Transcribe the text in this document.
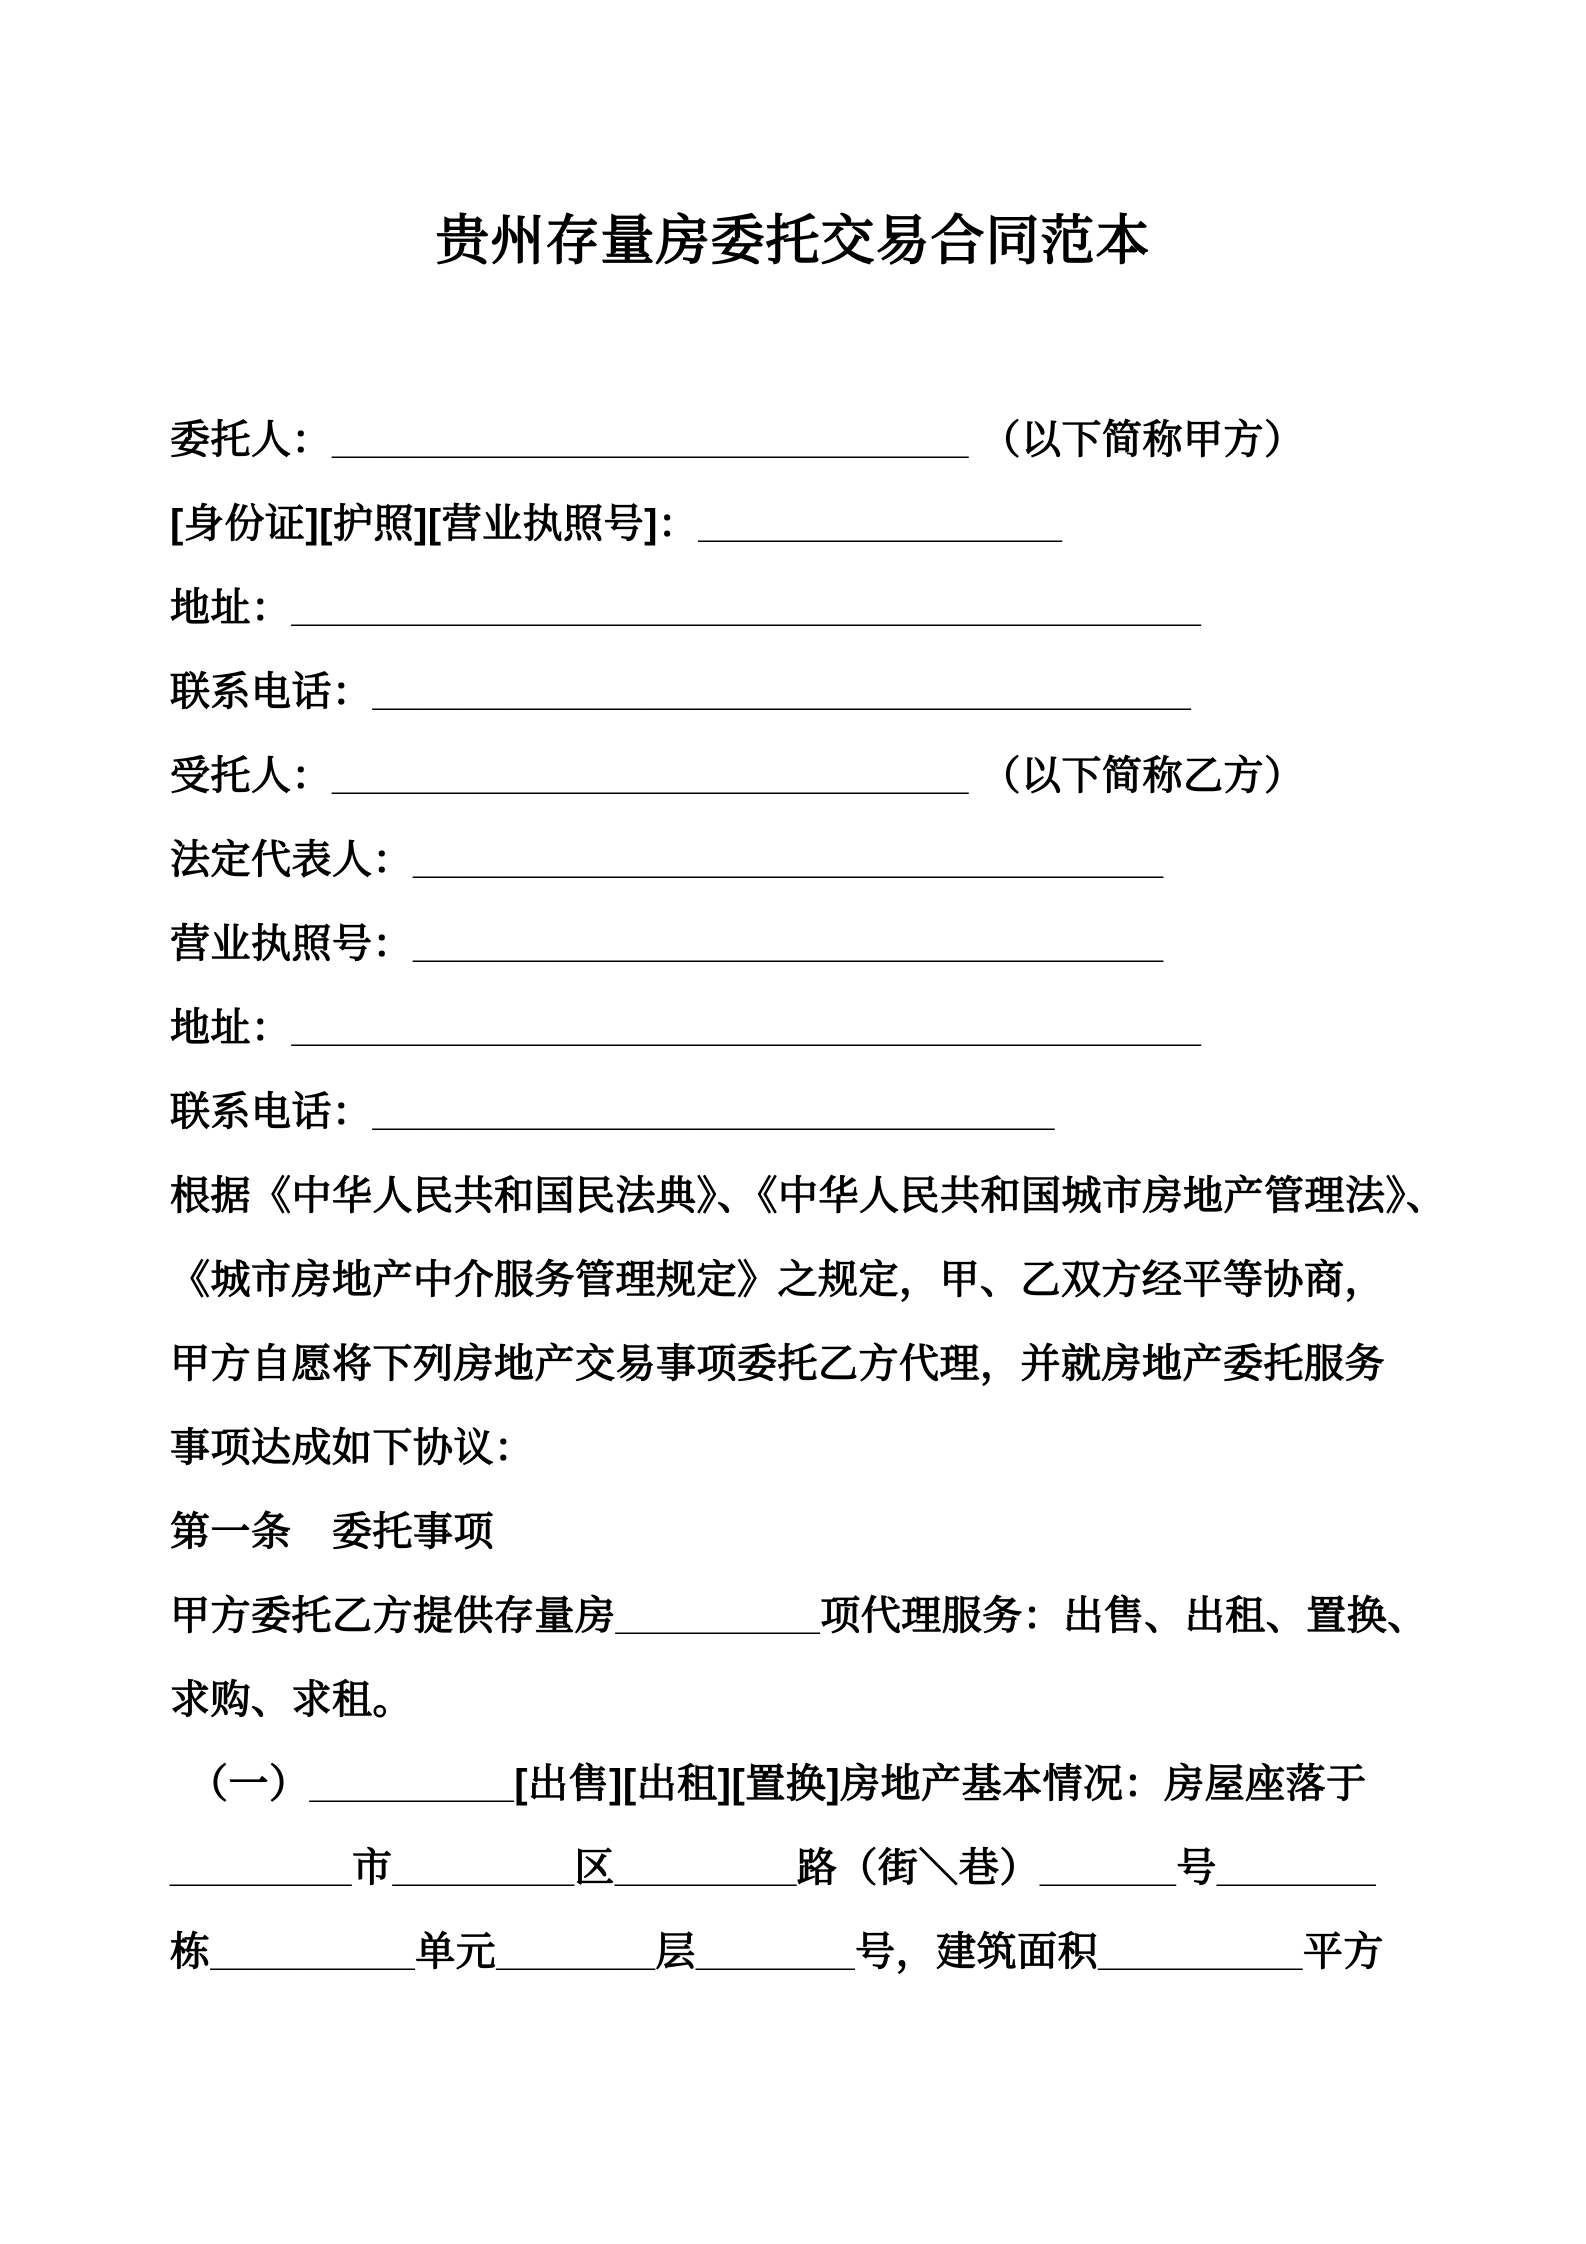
贵州存量房委托交易合同范本
委托人：____________________________ （以下简称甲方）
[身份证][护照][营业执照号]：________________
地址：________________________________________
联系电话：____________________________________
受托人：____________________________ （以下简称乙方）
法定代表人：_________________________________
营业执照号：_________________________________
地址：________________________________________
联系电话：______________________________
根据《中华人民共和国民法典》、《中华人民共和国城市房地产管理法》、
《城市房地产中介服务管理规定》之规定，甲、乙双方经平等协商，
甲方自愿将下列房地产交易事项委托乙方代理，并就房地产委托服务
事项达成如下协议：
第一条　委托事项
甲方委托乙方提供存量房_________项代理服务：出售、出租、置换、
求购、求租。
（一）_________[出售][出租][置换]房地产基本情况：房屋座落于
________市________区________路（街＼巷）______号_______
栋_________单元_______层_______号，建筑面积_________平方
